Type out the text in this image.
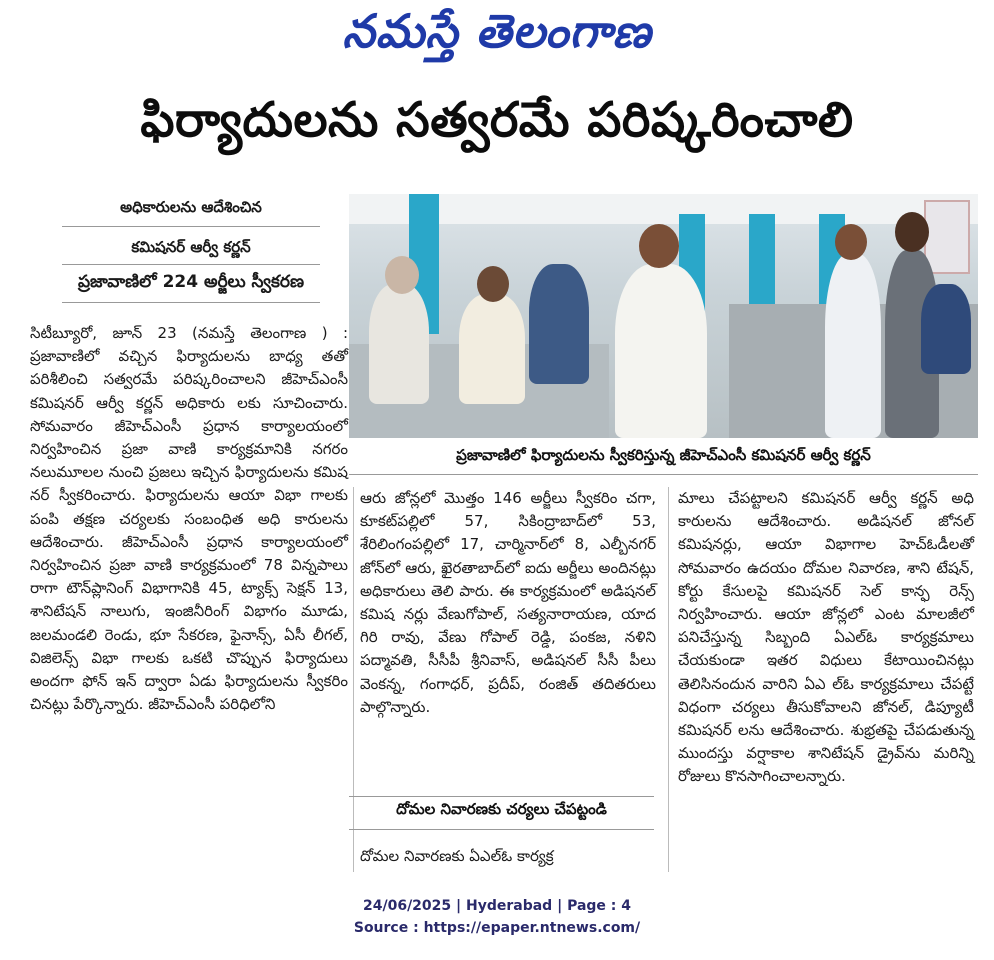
నమస్తే తెలంగాణ
ఫిర్యాదులను సత్వరమే పరిష్కరించాలి
అధికారులను ఆదేశించిన
కమిషనర్ ఆర్వీ కర్ణన్
ప్రజావాణిలో 224 అర్జీలు స్వీకరణ
ప్రజావాణిలో ఫిర్యాదులను స్వీకరిస్తున్న జీహెచ్ఎంసీ కమిషనర్ ఆర్వీ కర్ణన్

సిటీబ్యూరో, జూన్ 23 (నమస్తే తెలంగాణ ) : ప్రజావాణిలో వచ్చిన ఫిర్యాదులను బాధ్య తతో పరిశీలించి సత్వరమే పరిష్కరించాలని జీహెచ్ఎంసీ కమిషనర్ ఆర్వీ కర్ణన్ అధికారు లకు సూచించారు. సోమవారం జీహెచ్ఎంసీ ప్రధాన కార్యాలయంలో నిర్వహించిన ప్రజా వాణి కార్యక్రమానికి నగరం నలుమూలల నుంచి ప్రజలు ఇచ్చిన ఫిర్యాదులను కమిష నర్ స్వీకరించారు. ఫిర్యాదులను ఆయా విభా గాలకు పంపి తక్షణ చర్యలకు సంబంధిత అధి కారులను ఆదేశించారు. జీహెచ్ఎంసీ ప్రధాన కార్యాలయంలో నిర్వహించిన ప్రజా వాణి కార్యక్రమంలో 78 విన్నపాలు రాగా టౌన్‌ప్లానింగ్ విభాగానికి 45, ట్యాక్స్ సెక్షన్ 13, శానిటేషన్ నాలుగు, ఇంజినీరింగ్ విభాగం మూడు, జలమండలి రెండు, భూ సేకరణ, ఫైనాన్స్, ఏసీ లీగల్, విజిలెన్స్ విభా గాలకు ఒకటి చొప్పున ఫిర్యాదులు అందగా ఫోన్ ఇన్ ద్వారా ఏడు ఫిర్యాదులను స్వీకరిం చినట్లు పేర్కొన్నారు. జీహెచ్ఎంసీ పరిధిలోని

ఆరు జోన్లలో మొత్తం 146 అర్జీలు స్వీకరిం చగా, కూకట్‌పల్లిలో 57, సికింద్రాబాద్‌లో 53, శేరిలింగంపల్లిలో 17, చార్మినార్‌లో 8, ఎల్బీనగర్ జోన్‌లో ఆరు, ఖైరతాబాద్‌లో ఐదు అర్జీలు అందినట్లు అధికారులు తెలి పారు. ఈ కార్యక్రమంలో అడిషనల్ కమిష నర్లు వేణుగోపాల్, సత్యనారాయణ, యాద గిరి రావు, వేణు గోపాల్ రెడ్డి, పంకజ, నళిని పద్మావతి, సీసీపీ శ్రీనివాస్, అడిషనల్ సీసీ పీలు వెంకన్న, గంగాధర్, ప్రదీప్, రంజిత్ తదితరులు పాల్గొన్నారు.

దోమల నివారణకు చర్యలు చేపట్టండి
దోమల నివారణకు ఏఎల్ఓ కార్యక్ర

మాలు చేపట్టాలని కమిషనర్ ఆర్వీ కర్ణన్ అధి కారులను ఆదేశించారు. అడిషనల్ జోనల్ కమిషనర్లు, ఆయా విభాగాల హెచ్ఓడీలతో సోమవారం ఉదయం దోమల నివారణ, శాని టేషన్, కోర్టు కేసులపై కమిషనర్ సెల్ కాన్ఫ రెన్స్ నిర్వహించారు. ఆయా జోన్లలో ఎంట మాలజీలో పనిచేస్తున్న సిబ్బంది ఏఎల్ఓ కార్యక్రమాలు చేయకుండా ఇతర విధులు కేటాయించినట్లు తెలిసినందున వారిని ఏఎ ల్ఓ కార్యక్రమాలు చేపట్టే విధంగా చర్యలు తీసుకోవాలని జోనల్, డిప్యూటీ కమిషనర్ లను ఆదేశించారు. శుభ్రతపై చేపడుతున్న ముందస్తు వర్షాకాల శానిటేషన్ డ్రైవ్‌ను మరిన్ని రోజులు కొనసాగించాలన్నారు.

24/06/2025 | Hyderabad | Page : 4
Source : https://epaper.ntnews.com/
